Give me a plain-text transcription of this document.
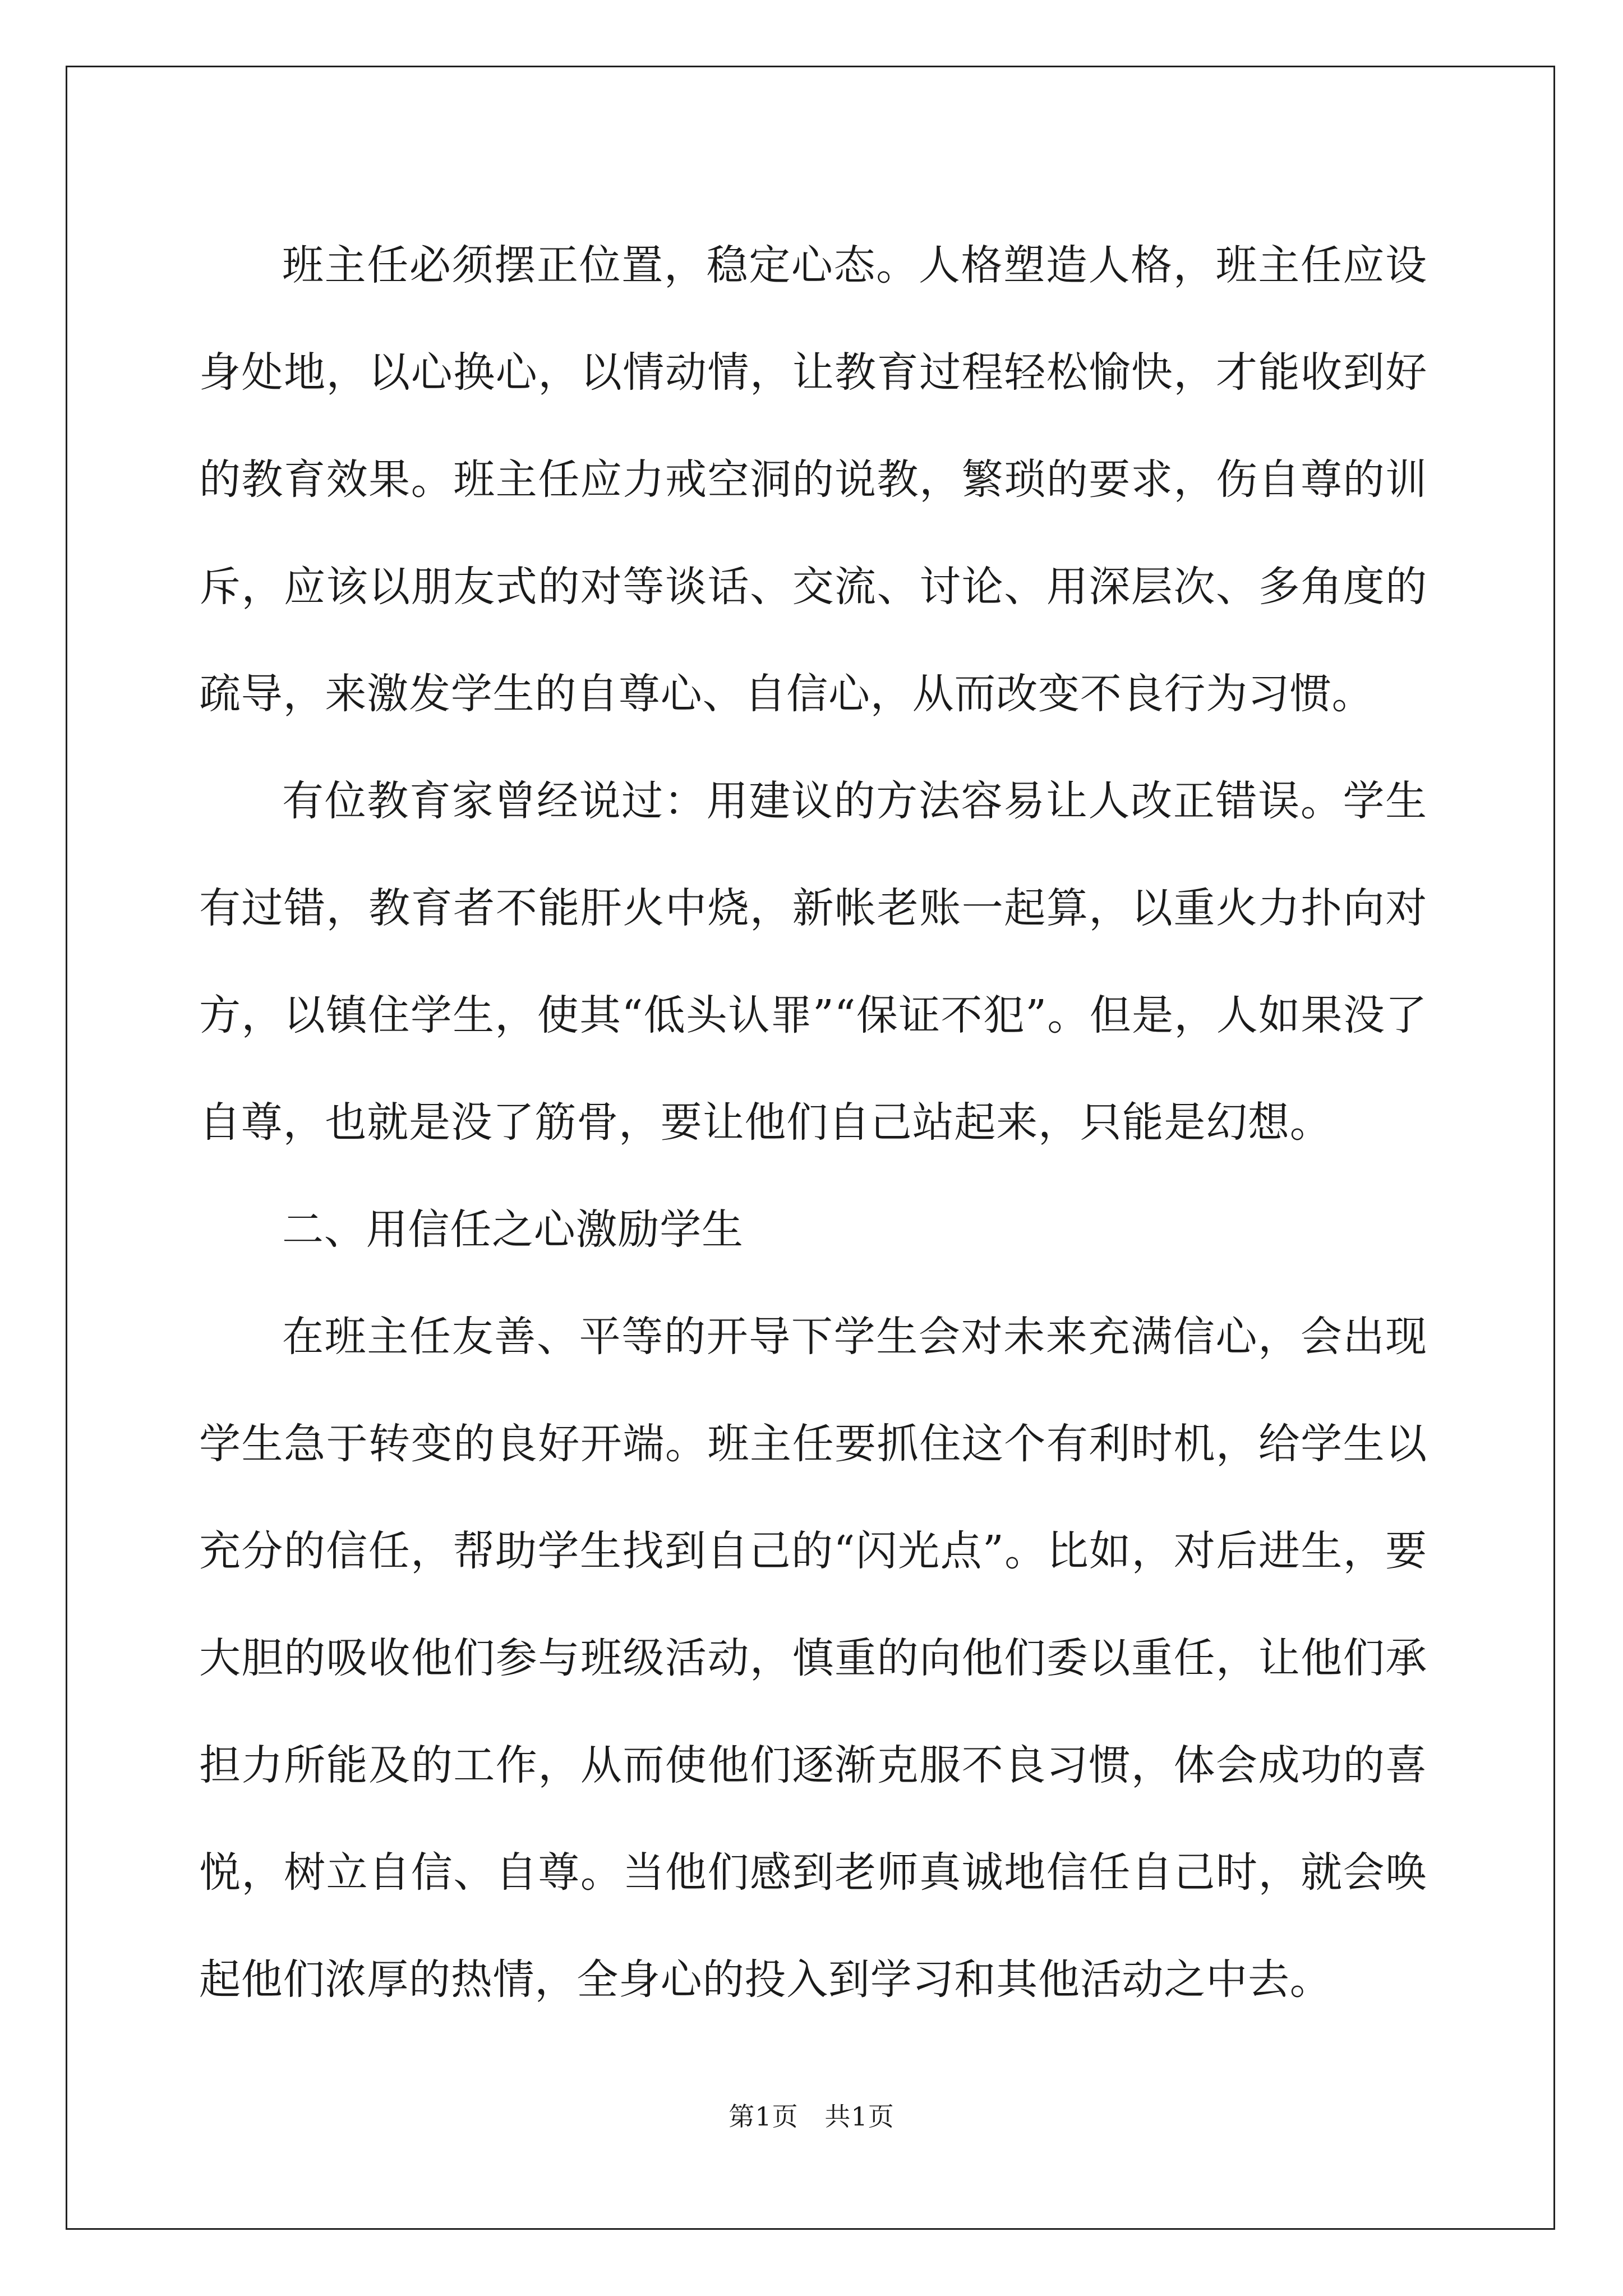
班主任必须摆正位置，稳定心态。人格塑造人格，班主任应设身处地，以心换心，以情动情，让教育过程轻松愉快，才能收到好的教育效果。班主任应力戒空洞的说教，繁琐的要求，伤自尊的训斥，应该以朋友式的对等谈话、交流、讨论、用深层次、多角度的疏导，来激发学生的自尊心、自信心，从而改变不良行为习惯。

有位教育家曾经说过：用建议的方法容易让人改正错误。学生有过错，教育者不能肝火中烧，新帐老账一起算，以重火力扑向对方，以镇住学生，使其“低头认罪”“保证不犯”。但是，人如果没了自尊，也就是没了筋骨，要让他们自己站起来，只能是幻想。

二、用信任之心激励学生

在班主任友善、平等的开导下学生会对未来充满信心，会出现学生急于转变的良好开端。班主任要抓住这个有利时机，给学生以充分的信任，帮助学生找到自己的“闪光点”。比如，对后进生，要大胆的吸收他们参与班级活动，慎重的向他们委以重任，让他们承担力所能及的工作，从而使他们逐渐克服不良习惯，体会成功的喜悦，树立自信、自尊。当他们感到老师真诚地信任自己时，就会唤起他们浓厚的热情，全身心的投入到学习和其他活动之中去。

第1页   共1页
